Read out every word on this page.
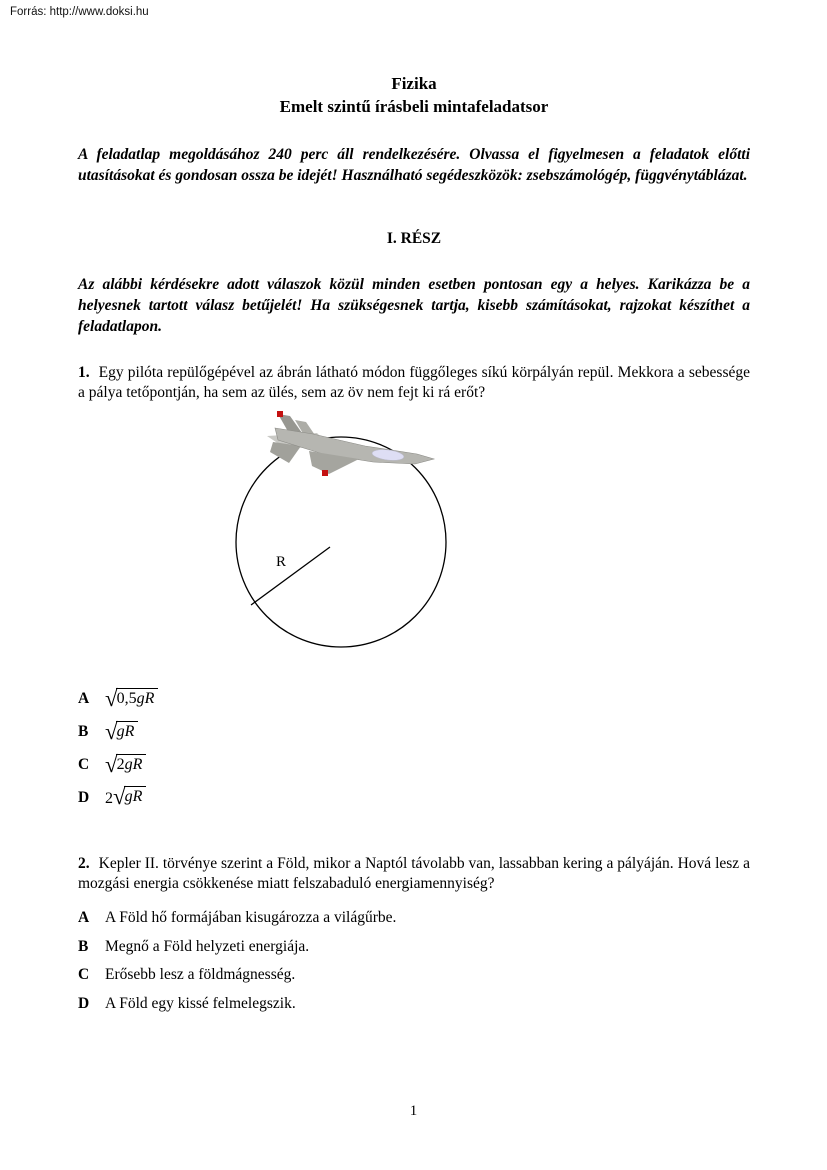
Forrás: http://www.doksi.hu
Fizika
Emelt szintű írásbeli mintafeladatsor

A feladatlap megoldásához 240 perc áll rendelkezésére. Olvassa el figyelmesen a feladatok előtti utasításokat és gondosan ossza be idejét! Használható segédeszközök: zsebszámológép, függvénytáblázat.

I. RÉSZ

Az alábbi kérdésekre adott válaszok közül minden esetben pontosan egy a helyes. Karikázza be a helyesnek tartott válasz betűjelét! Ha szükségesnek tartja, kisebb számításokat, rajzokat készíthet a feladatlapon.

1. Egy pilóta repülőgépével az ábrán látható módon függőleges síkú körpályán repül. Mekkora a sebessége a pálya tetőpontján, ha sem az ülés, sem az öv nem fejt ki rá erőt?

R
A √ 0,5gR
B √ gR
C √ 2gR
D 2 √ gR

2. Kepler II. törvénye szerint a Föld, mikor a Naptól távolabb van, lassabban kering a pályáján. Hová lesz a mozgási energia csökkenése miatt felszabaduló energiamennyiség?

A	A Föld hő formájában kisugározza a világűrbe.
B	Megnő a Föld helyzeti energiája.
C	Erősebb lesz a földmágnesség.
D	A Föld egy kissé felmelegszik.
1
